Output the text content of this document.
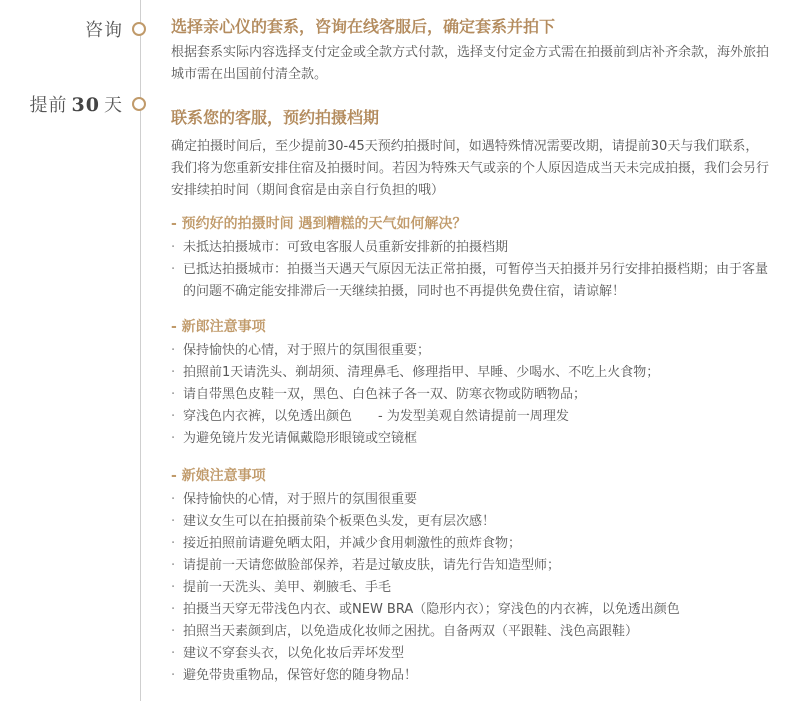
咨询
提前 30 天
选择亲心仪的套系，咨询在线客服后，确定套系并拍下

根据套系实际内容选择支付定金或全款方式付款，选择支付定金方式需在拍摄前到店补齐余款，海外旅拍城市需在出国前付清全款。

联系您的客服，预约拍摄档期

确定拍摄时间后，至少提前30-45天预约拍摄时间，如遇特殊情况需要改期，请提前30天与我们联系，我们将为您重新安排住宿及拍摄时间。若因为特殊天气或亲的个人原因造成当天未完成拍摄，我们会另行安排续拍时间（期间食宿是由亲自行负担的哦）

- 预约好的拍摄时间 遇到糟糕的天气如何解决？
· 未抵达拍摄城市：可致电客服人员重新安排新的拍摄档期
· 已抵达拍摄城市：拍摄当天遇天气原因无法正常拍摄，可暂停当天拍摄并另行安排拍摄档期；由于客量的问题不确定能安排滞后一天继续拍摄，同时也不再提供免费住宿，请谅解！
- 新郎注意事项
· 保持愉快的心情，对于照片的氛围很重要；
· 拍照前1天请洗头、剃胡须、清理鼻毛、修理指甲、早睡、少喝水、不吃上火食物；
· 请自带黑色皮鞋一双，黑色、白色袜子各一双、防寒衣物或防晒物品；
· 穿浅色内衣裤，以免透出颜色　　- 为发型美观自然请提前一周理发
· 为避免镜片发光请佩戴隐形眼镜或空镜框
- 新娘注意事项
· 保持愉快的心情，对于照片的氛围很重要
· 建议女生可以在拍摄前染个板栗色头发，更有层次感！
· 接近拍照前请避免晒太阳，并减少食用刺激性的煎炸食物；
· 请提前一天请您做脸部保养，若是过敏皮肤，请先行告知造型师；
· 提前一天洗头、美甲、剃腋毛、手毛
· 拍摄当天穿无带浅色内衣、或NEW BRA（隐形内衣）；穿浅色的内衣裤，以免透出颜色
· 拍照当天素颜到店，以免造成化妆师之困扰。自备两双（平跟鞋、浅色高跟鞋）
· 建议不穿套头衣，以免化妆后弄坏发型
· 避免带贵重物品，保管好您的随身物品！
